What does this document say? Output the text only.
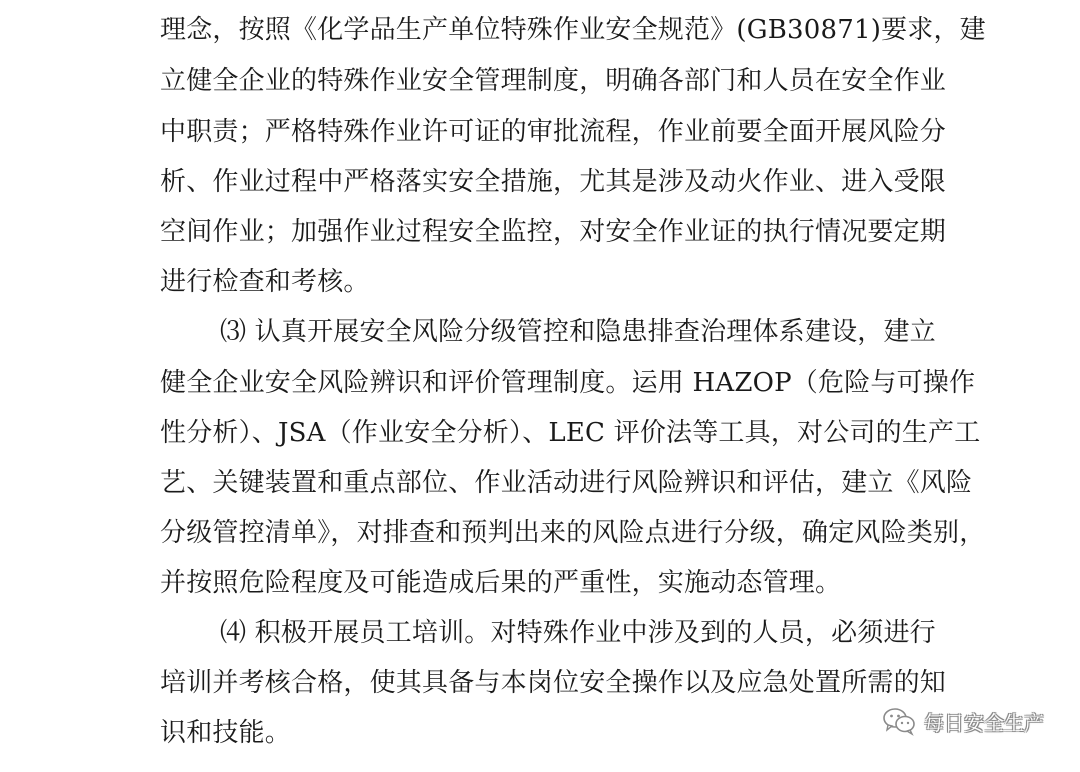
理念，按照《化学品生产单位特殊作业安全规范》(GB30871)要求，建
立健全企业的特殊作业安全管理制度，明确各部门和人员在安全作业
中职责；严格特殊作业许可证的审批流程，作业前要全面开展风险分
析、作业过程中严格落实安全措施，尤其是涉及动火作业、进入受限
空间作业；加强作业过程安全监控，对安全作业证的执行情况要定期
进行检查和考核。
⑶ 认真开展安全风险分级管控和隐患排查治理体系建设，建立
健全企业安全风险辨识和评价管理制度。运用 HAZOP（危险与可操作
性分析）、JSA（作业安全分析）、LEC 评价法等工具，对公司的生产工
艺、关键装置和重点部位、作业活动进行风险辨识和评估，建立《风险
分级管控清单》，对排查和预判出来的风险点进行分级，确定风险类别，
并按照危险程度及可能造成后果的严重性，实施动态管理。
⑷ 积极开展员工培训。对特殊作业中涉及到的人员，必须进行
培训并考核合格，使其具备与本岗位安全操作以及应急处置所需的知
识和技能。	每日安全生产
